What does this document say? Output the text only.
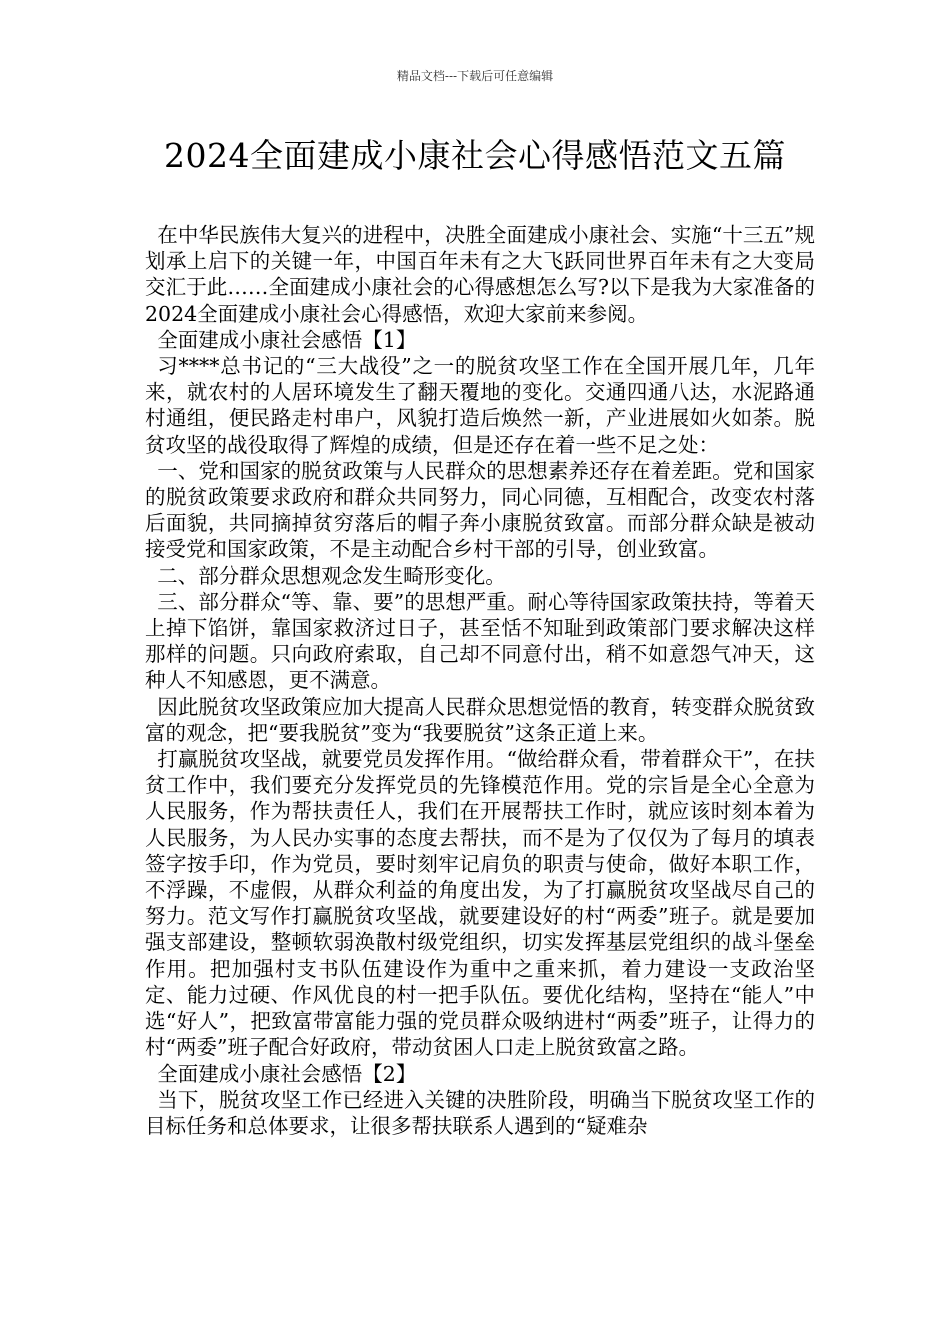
精品文档---下载后可任意编辑
2024全面建成小康社会心得感悟范文五篇

在中华民族伟大复兴的进程中，决胜全面建成小康社会、实施“十三五”规划承上启下的关键一年，中国百年未有之大飞跃同世界百年未有之大变局交汇于此……全面建成小康社会的心得感想怎么写?以下是我为大家准备的2024全面建成小康社会心得感悟，欢迎大家前来参阅。

全面建成小康社会感悟【1】

习****总书记的“三大战役”之一的脱贫攻坚工作在全国开展几年，几年来，就农村的人居环境发生了翻天覆地的变化。交通四通八达，水泥路通村通组，便民路走村串户，风貌打造后焕然一新，产业进展如火如荼。脱贫攻坚的战役取得了辉煌的成绩，但是还存在着一些不足之处：

一、党和国家的脱贫政策与人民群众的思想素养还存在着差距。党和国家的脱贫政策要求政府和群众共同努力，同心同德，互相配合，改变农村落后面貌，共同摘掉贫穷落后的帽子奔小康脱贫致富。而部分群众缺是被动接受党和国家政策，不是主动配合乡村干部的引导，创业致富。

二、部分群众思想观念发生畸形变化。

三、部分群众“等、靠、要”的思想严重。耐心等待国家政策扶持，等着天上掉下馅饼，靠国家救济过日子，甚至恬不知耻到政策部门要求解决这样那样的问题。只向政府索取，自己却不同意付出，稍不如意怨气冲天，这种人不知感恩，更不满意。

因此脱贫攻坚政策应加大提高人民群众思想觉悟的教育，转变群众脱贫致富的观念，把“要我脱贫”变为“我要脱贫”这条正道上来。

打赢脱贫攻坚战，就要党员发挥作用。“做给群众看，带着群众干”，在扶贫工作中，我们要充分发挥党员的先锋模范作用。党的宗旨是全心全意为人民服务，作为帮扶责任人，我们在开展帮扶工作时，就应该时刻本着为人民服务，为人民办实事的态度去帮扶，而不是为了仅仅为了每月的填表签字按手印，作为党员，要时刻牢记肩负的职责与使命，做好本职工作，不浮躁，不虚假，从群众利益的角度出发，为了打赢脱贫攻坚战尽自己的努力。范文写作打赢脱贫攻坚战，就要建设好的村“两委”班子。就是要加强支部建设，整顿软弱涣散村级党组织，切实发挥基层党组织的战斗堡垒作用。把加强村支书队伍建设作为重中之重来抓，着力建设一支政治坚定、能力过硬、作风优良的村一把手队伍。要优化结构，坚持在“能人”中选“好人”，把致富带富能力强的党员群众吸纳进村“两委”班子，让得力的村“两委”班子配合好政府，带动贫困人口走上脱贫致富之路。

全面建成小康社会感悟【2】

当下，脱贫攻坚工作已经进入关键的决胜阶段，明确当下脱贫攻坚工作的目标任务和总体要求，让很多帮扶联系人遇到的“疑难杂
